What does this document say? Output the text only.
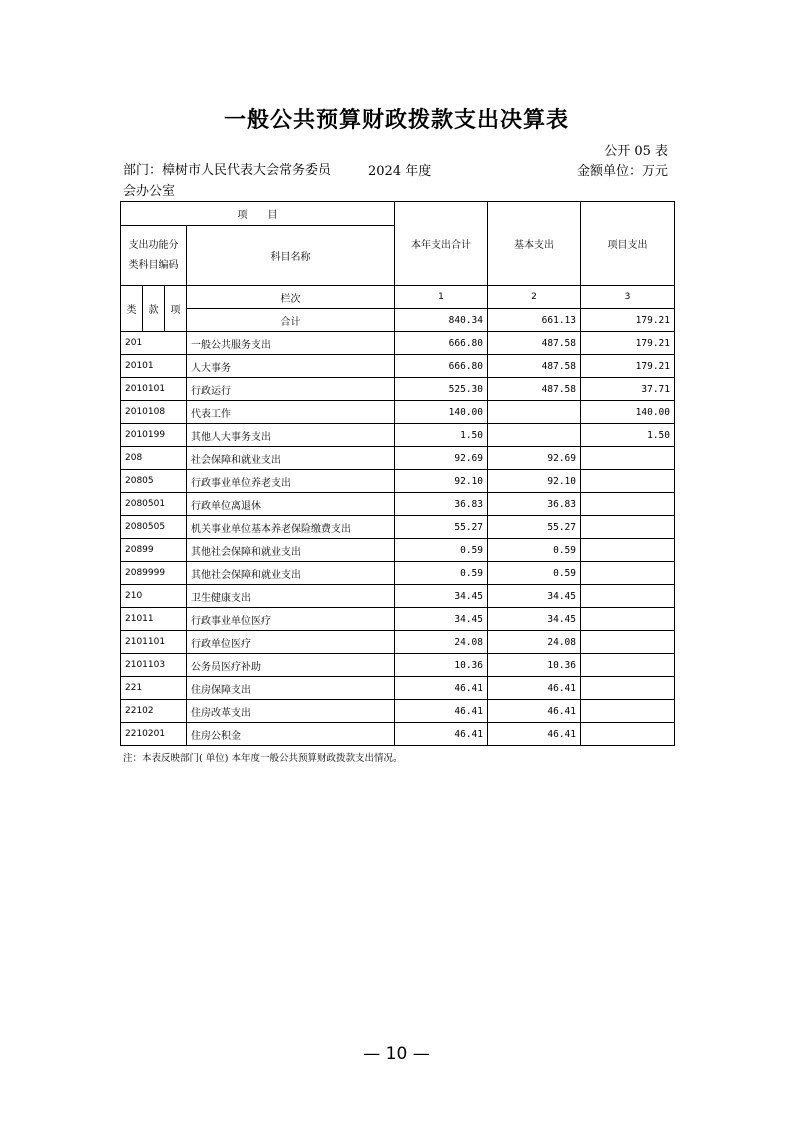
一般公共预算财政拨款支出决算表
公开 05 表
部门：樟树市人民代表大会常务委员会办公室
2024 年度	金额单位：万元
项　　目				本年支出合计	基本支出	项目支出
支出功能分类科目编码			科目名称			

类	款	项	栏次	1	2	3
			合计	840.34	661.13	179.21
201			一般公共服务支出	666.80	487.58	179.21
20101			人大事务	666.80	487.58	179.21
2010101			行政运行	525.30	487.58	37.71
2010108			代表工作	140.00		140.00
2010199			其他人大事务支出	1.50		1.50
208			社会保障和就业支出	92.69	92.69	
20805			行政事业单位养老支出	92.10	92.10	
2080501			行政单位离退休	36.83	36.83	
2080505			机关事业单位基本养老保险缴费支出	55.27	55.27	
20899			其他社会保障和就业支出	0.59	0.59	
2089999			其他社会保障和就业支出	0.59	0.59	
210			卫生健康支出	34.45	34.45	
21011			行政事业单位医疗	34.45	34.45	
2101101			行政单位医疗	24.08	24.08	
2101103			公务员医疗补助	10.36	10.36	
221			住房保障支出	46.41	46.41	
22102			住房改革支出	46.41	46.41	
2210201			住房公积金	46.41	46.41	
注：本表反映部门( 单位) 本年度一般公共预算财政拨款支出情况。
— 10 —
